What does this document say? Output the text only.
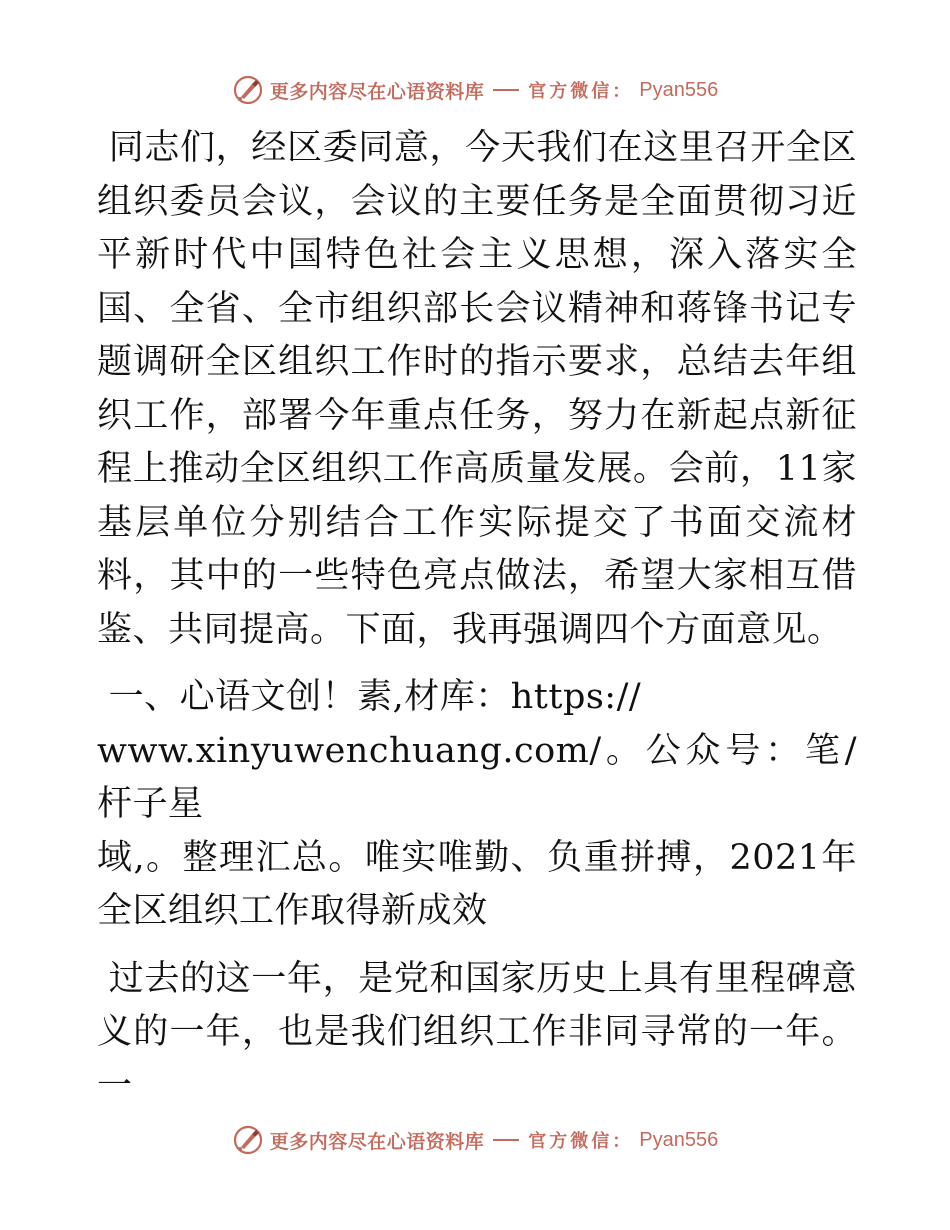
更多内容尽在心语资料库 官方微信： Pyan556

同志们，经区委同意，今天我们在这里召开全区组织委员会议，会议的主要任务是全面贯彻习近平新时代中国特色社会主义思想，深入落实全国、全省、全市组织部长会议精神和蒋锋书记专题调研全区组织工作时的指示要求，总结去年组织工作，部署今年重点任务，努力在新起点新征程上推动全区组织工作高质量发展。会前，11家基层单位分别结合工作实际提交了书面交流材料，其中的一些特色亮点做法，希望大家相互借鉴、共同提高。下面，我再强调四个方面意见。

一、心语文创！素,材库：https://
www.xinyuwenchuang.com/。公众号：笔/杆子星
域,。整理汇总。唯实唯勤、负重拼搏，2021年全区组织工作取得新成效

过去的这一年，是党和国家历史上具有里程碑意义的一年，也是我们组织工作非同寻常的一年。一

更多内容尽在心语资料库 官方微信： Pyan556
